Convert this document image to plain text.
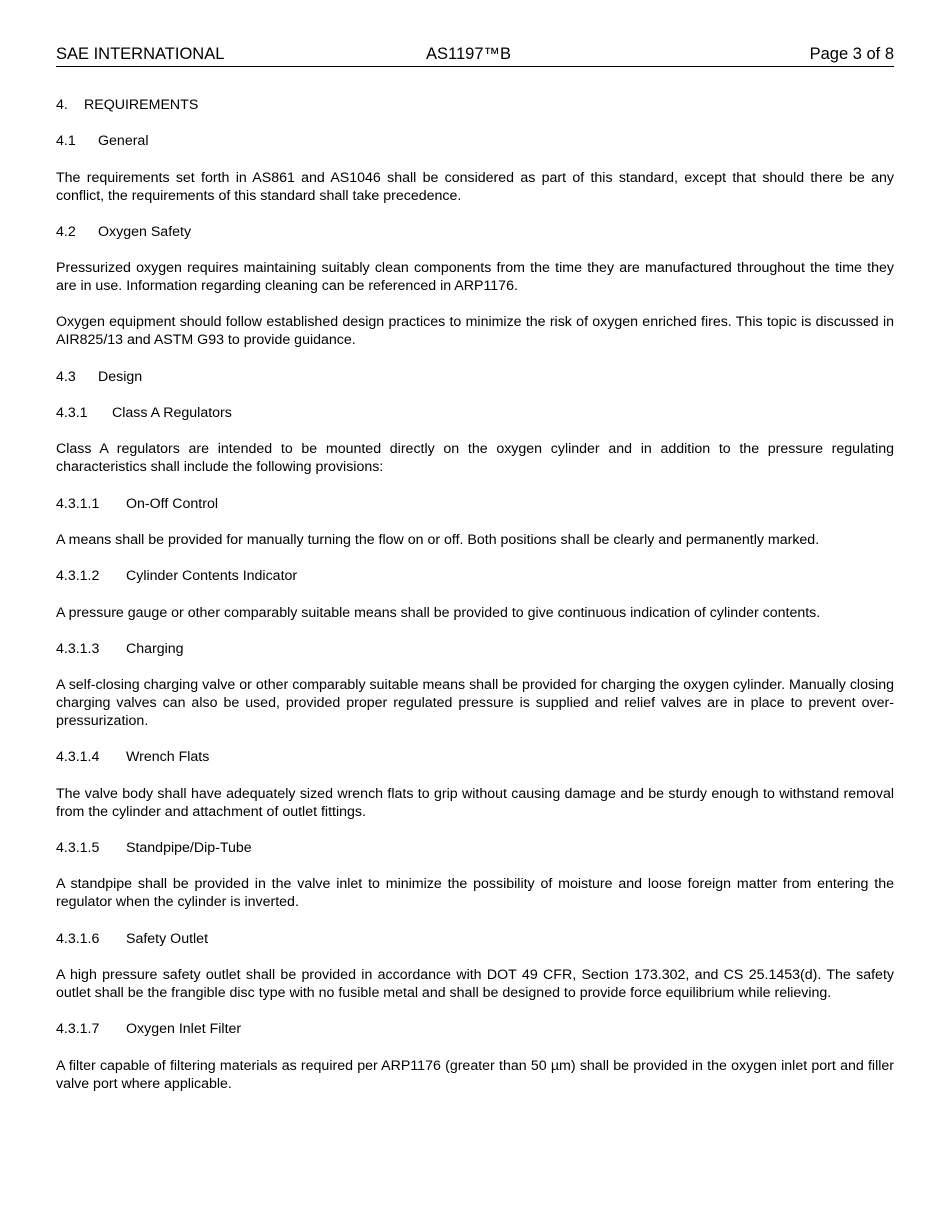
SAE INTERNATIONAL	AS1197™B	Page 3 of 8

4. REQUIREMENTS

4.1 General

The requirements set forth in AS861 and AS1046 shall be considered as part of this standard, except that should there be any conflict, the requirements of this standard shall take precedence.

4.2 Oxygen Safety

Pressurized oxygen requires maintaining suitably clean components from the time they are manufactured throughout the time they are in use. Information regarding cleaning can be referenced in ARP1176.

Oxygen equipment should follow established design practices to minimize the risk of oxygen enriched fires. This topic is discussed in AIR825/13 and ASTM G93 to provide guidance.

4.3 Design

4.3.1 Class A Regulators

Class A regulators are intended to be mounted directly on the oxygen cylinder and in addition to the pressure regulating characteristics shall include the following provisions:

4.3.1.1 On-Off Control

A means shall be provided for manually turning the flow on or off. Both positions shall be clearly and permanently marked.

4.3.1.2 Cylinder Contents Indicator

A pressure gauge or other comparably suitable means shall be provided to give continuous indication of cylinder contents.

4.3.1.3 Charging

A self-closing charging valve or other comparably suitable means shall be provided for charging the oxygen cylinder. Manually closing charging valves can also be used, provided proper regulated pressure is supplied and relief valves are in place to prevent over-pressurization.

4.3.1.4 Wrench Flats

The valve body shall have adequately sized wrench flats to grip without causing damage and be sturdy enough to withstand removal from the cylinder and attachment of outlet fittings.

4.3.1.5 Standpipe/Dip-Tube

A standpipe shall be provided in the valve inlet to minimize the possibility of moisture and loose foreign matter from entering the regulator when the cylinder is inverted.

4.3.1.6 Safety Outlet

A high pressure safety outlet shall be provided in accordance with DOT 49 CFR, Section 173.302, and CS 25.1453(d). The safety outlet shall be the frangible disc type with no fusible metal and shall be designed to provide force equilibrium while relieving.

4.3.1.7 Oxygen Inlet Filter

A filter capable of filtering materials as required per ARP1176 (greater than 50 µm) shall be provided in the oxygen inlet port and filler valve port where applicable.
